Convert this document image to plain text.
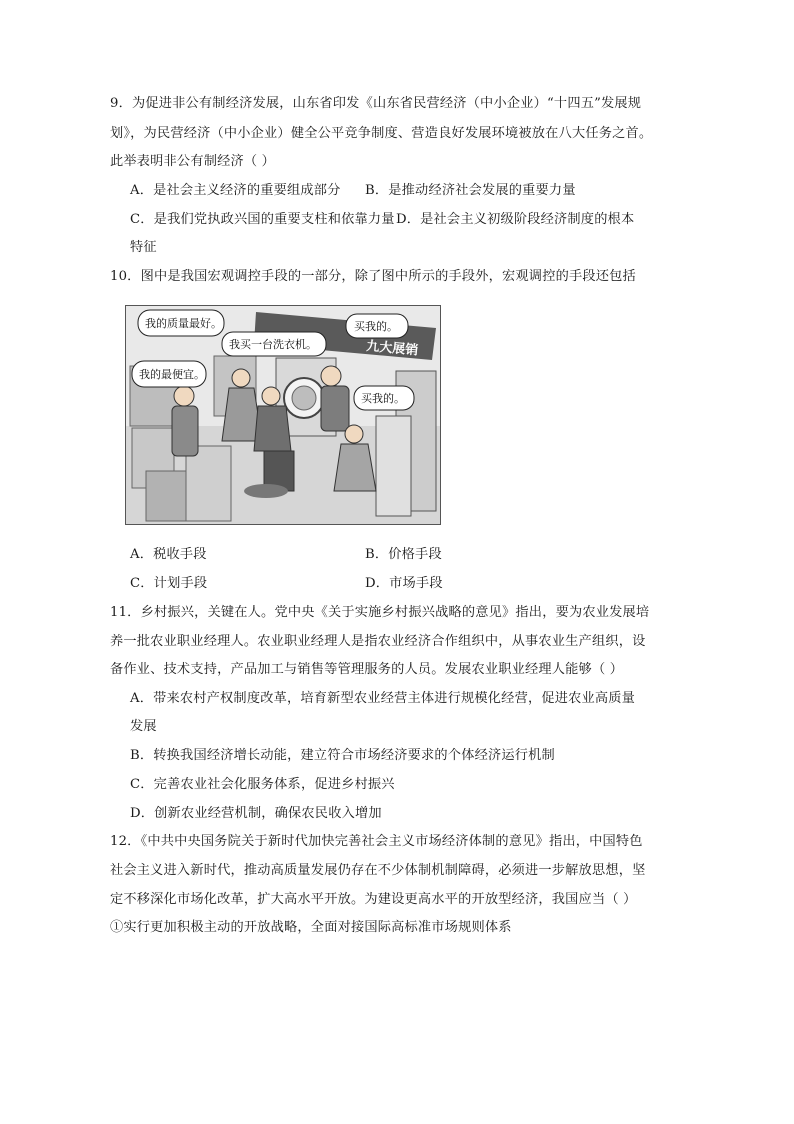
9．为促进非公有制经济发展，山东省印发《山东省民营经济（中小企业）“十四五”发展规
划》，为民营经济（中小企业）健全公平竞争制度、营造良好发展环境被放在八大任务之首。
此举表明非公有制经济（ ）
A．是社会主义经济的重要组成部分 B．是推动经济社会发展的重要力量
C．是我们党执政兴国的重要支柱和依靠力量 D．是社会主义初级阶段经济制度的根本
特征
10．图中是我国宏观调控手段的一部分，除了图中所示的手段外，宏观调控的手段还包括
九大展销
我的质量最好。
我买一台洗衣机。
我的最便宜。
买我的。
买我的。
A．税收手段	B．价格手段
C．计划手段	D．市场手段
11．乡村振兴，关键在人。党中央《关于实施乡村振兴战略的意见》指出，要为农业发展培
养一批农业职业经理人。农业职业经理人是指农业经济合作组织中，从事农业生产组织，设
备作业、技术支持，产品加工与销售等管理服务的人员。发展农业职业经理人能够（ ）
A．带来农村产权制度改革，培育新型农业经营主体进行规模化经营，促进农业高质量
发展
B．转换我国经济增长动能，建立符合市场经济要求的个体经济运行机制
C．完善农业社会化服务体系，促进乡村振兴
D．创新农业经营机制，确保农民收入增加
12．《中共中央国务院关于新时代加快完善社会主义市场经济体制的意见》指出，中国特色
社会主义进入新时代，推动高质量发展仍存在不少体制机制障碍，必须进一步解放思想，坚
定不移深化市场化改革，扩大高水平开放。为建设更高水平的开放型经济，我国应当（ ）
①实行更加积极主动的开放战略，全面对接国际高标准市场规则体系
